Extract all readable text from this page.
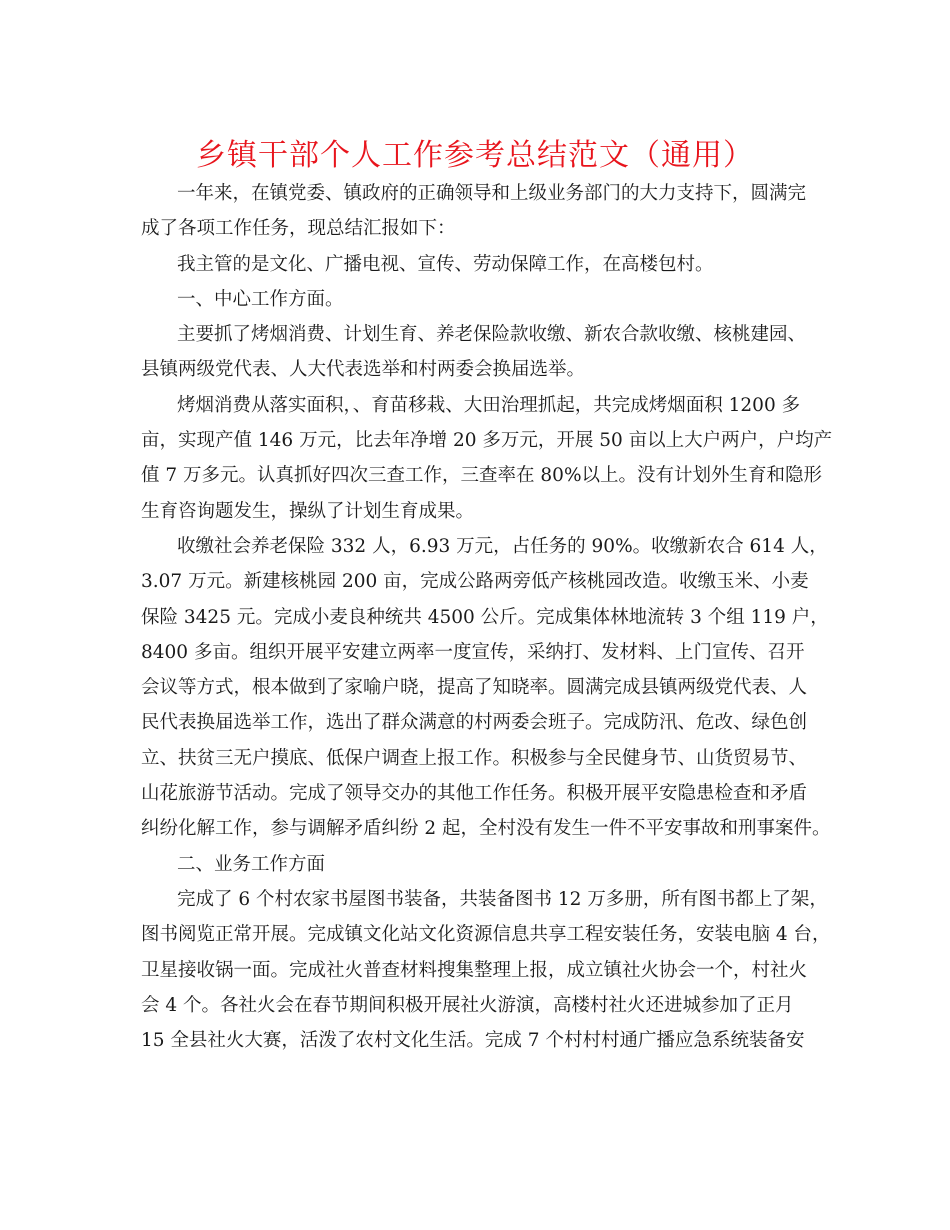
乡镇干部个人工作参考总结范文（通用）
一年来，在镇党委、镇政府的正确领导和上级业务部门的大力支持下，圆满完
成了各项工作任务，现总结汇报如下：
我主管的是文化、广播电视、宣传、劳动保障工作，在高楼包村。
一、中心工作方面。
主要抓了烤烟消费、计划生育、养老保险款收缴、新农合款收缴、核桃建园、
县镇两级党代表、人大代表选举和村两委会换届选举。
烤烟消费从落实面积，、育苗移栽、大田治理抓起，共完成烤烟面积 1200 多
亩，实现产值 146 万元，比去年净增 20 多万元，开展 50 亩以上大户两户，户均产
值 7 万多元。认真抓好四次三查工作，三查率在 80%以上。没有计划外生育和隐形
生育咨询题发生，操纵了计划生育成果。
收缴社会养老保险 332 人，6.93 万元，占任务的 90%。收缴新农合 614 人，
3.07 万元。新建核桃园 200 亩，完成公路两旁低产核桃园改造。收缴玉米、小麦
保险 3425 元。完成小麦良种统共 4500 公斤。完成集体林地流转 3 个组 119 户，
8400 多亩。组织开展平安建立两率一度宣传，采纳打、发材料、上门宣传、召开
会议等方式，根本做到了家喻户晓，提高了知晓率。圆满完成县镇两级党代表、人
民代表换届选举工作，选出了群众满意的村两委会班子。完成防汛、危改、绿色创
立、扶贫三无户摸底、低保户调查上报工作。积极参与全民健身节、山货贸易节、
山花旅游节活动。完成了领导交办的其他工作任务。积极开展平安隐患检查和矛盾
纠纷化解工作，参与调解矛盾纠纷 2 起，全村没有发生一件不平安事故和刑事案件。
二、业务工作方面
完成了 6 个村农家书屋图书装备，共装备图书 12 万多册，所有图书都上了架，
图书阅览正常开展。完成镇文化站文化资源信息共享工程安装任务，安装电脑 4 台，
卫星接收锅一面。完成社火普查材料搜集整理上报，成立镇社火协会一个，村社火
会 4 个。各社火会在春节期间积极开展社火游演，高楼村社火还进城参加了正月
15 全县社火大赛，活泼了农村文化生活。完成 7 个村村村通广播应急系统装备安
